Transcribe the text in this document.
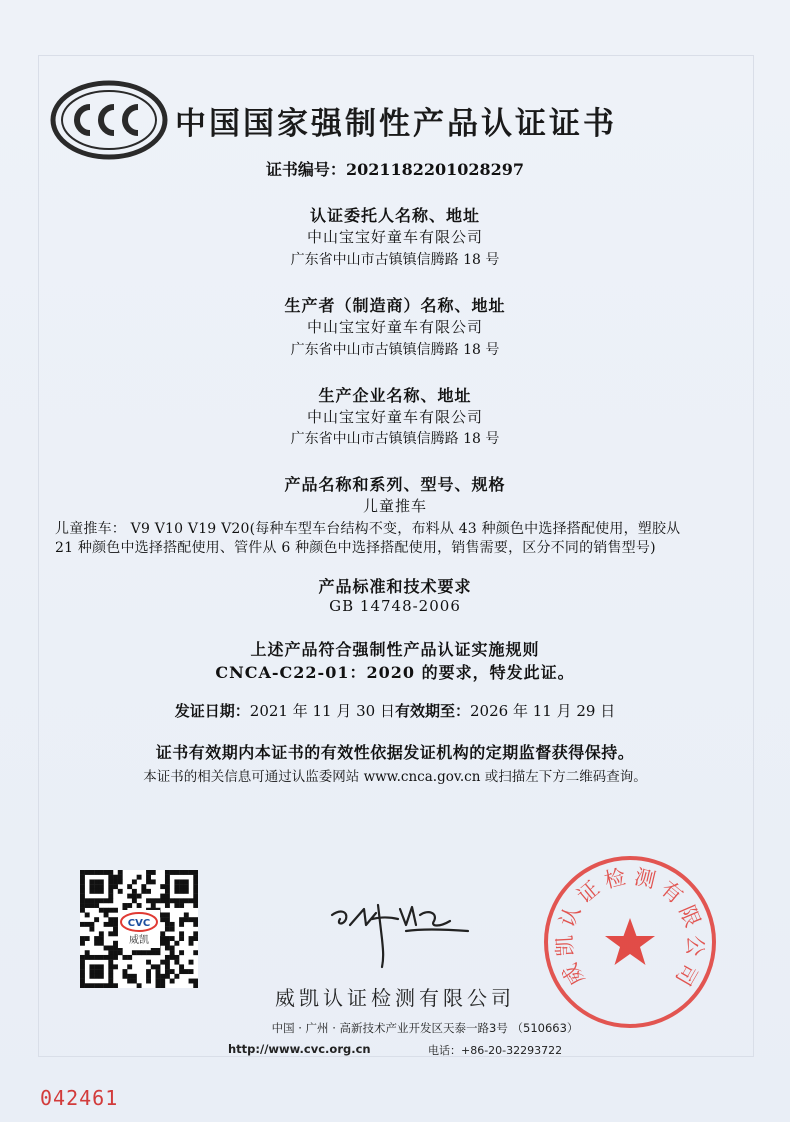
CCC 中国国家强制性产品认证证书
证书编号：2021182201028297
认证委托人名称、地址
中山宝宝好童车有限公司
广东省中山市古镇镇信腾路 18 号
生产者（制造商）名称、地址
中山宝宝好童车有限公司
广东省中山市古镇镇信腾路 18 号
生产企业名称、地址
中山宝宝好童车有限公司
广东省中山市古镇镇信腾路 18 号
产品名称和系列、型号、规格
儿童推车
儿童推车： V9 V10 V19 V20(每种车型车台结构不变，布料从 43 种颜色中选择搭配使用，塑胶从
21 种颜色中选择搭配使用、管件从 6 种颜色中选择搭配使用，销售需要，区分不同的销售型号)
产品标准和技术要求
GB 14748-2006
上述产品符合强制性产品认证实施规则
CNCA-C22-01：2020 的要求，特发此证。
发证日期：2021 年 11 月 30 日有效期至：2026 年 11 月 29 日
证书有效期内本证书的有效性依据发证机构的定期监督获得保持。
本证书的相关信息可通过认监委网站 www.cnca.gov.cn 或扫描左下方二维码查询。
CVC
威凯
威凯认证检测有限公司
威
凯
认
证
检 测
有
限
公
司
中国 · 广州 · 高新技术产业开发区天泰一路3号 （510663）
http://www.cvc.org.cn	电话：+86-20-32293722
042461
